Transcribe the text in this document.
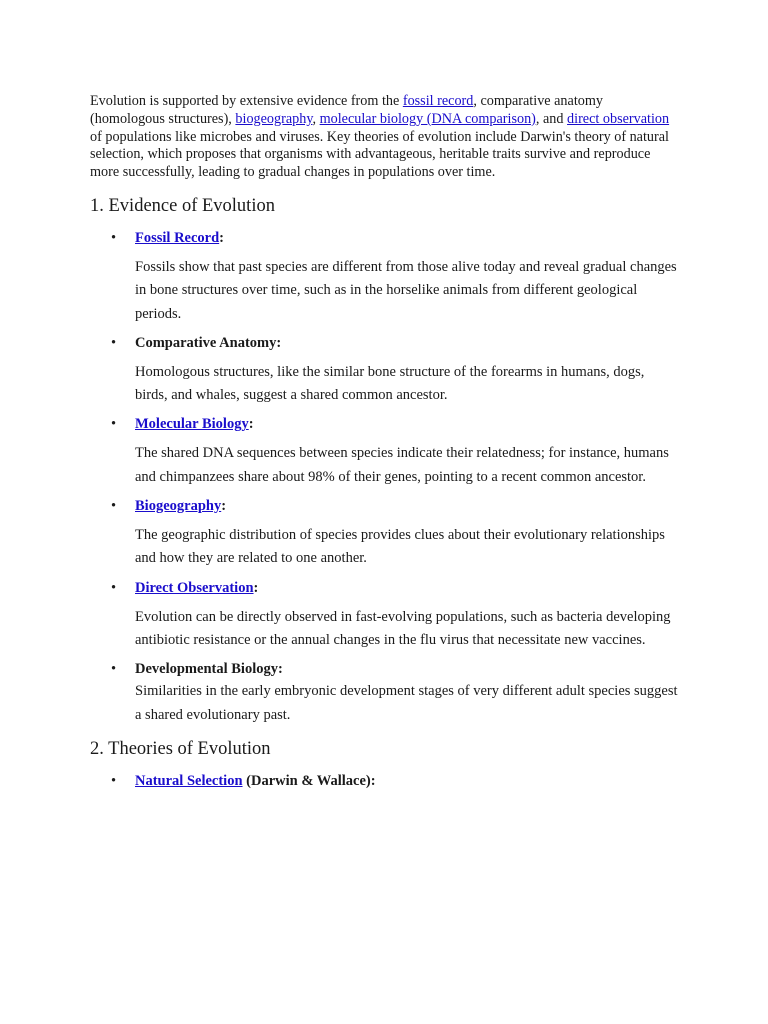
Evolution is supported by extensive evidence from the fossil record, comparative anatomy (homologous structures), biogeography, molecular biology (DNA comparison), and direct observation of populations like microbes and viruses. Key theories of evolution include Darwin's theory of natural selection, which proposes that organisms with advantageous, heritable traits survive and reproduce more successfully, leading to gradual changes in populations over time.

1. Evidence of Evolution
• Fossil Record:

Fossils show that past species are different from those alive today and reveal gradual changes in bone structures over time, such as in the horselike animals from different geological periods.

• Comparative Anatomy:

Homologous structures, like the similar bone structure of the forearms in humans, dogs, birds, and whales, suggest a shared common ancestor.

• Molecular Biology:

The shared DNA sequences between species indicate their relatedness; for instance, humans and chimpanzees share about 98% of their genes, pointing to a recent common ancestor.

• Biogeography:

The geographic distribution of species provides clues about their evolutionary relationships and how they are related to one another.

• Direct Observation:

Evolution can be directly observed in fast-evolving populations, such as bacteria developing antibiotic resistance or the annual changes in the flu virus that necessitate new vaccines.

• Developmental Biology:

Similarities in the early embryonic development stages of very different adult species suggest a shared evolutionary past.

2. Theories of Evolution
• Natural Selection (Darwin & Wallace):
